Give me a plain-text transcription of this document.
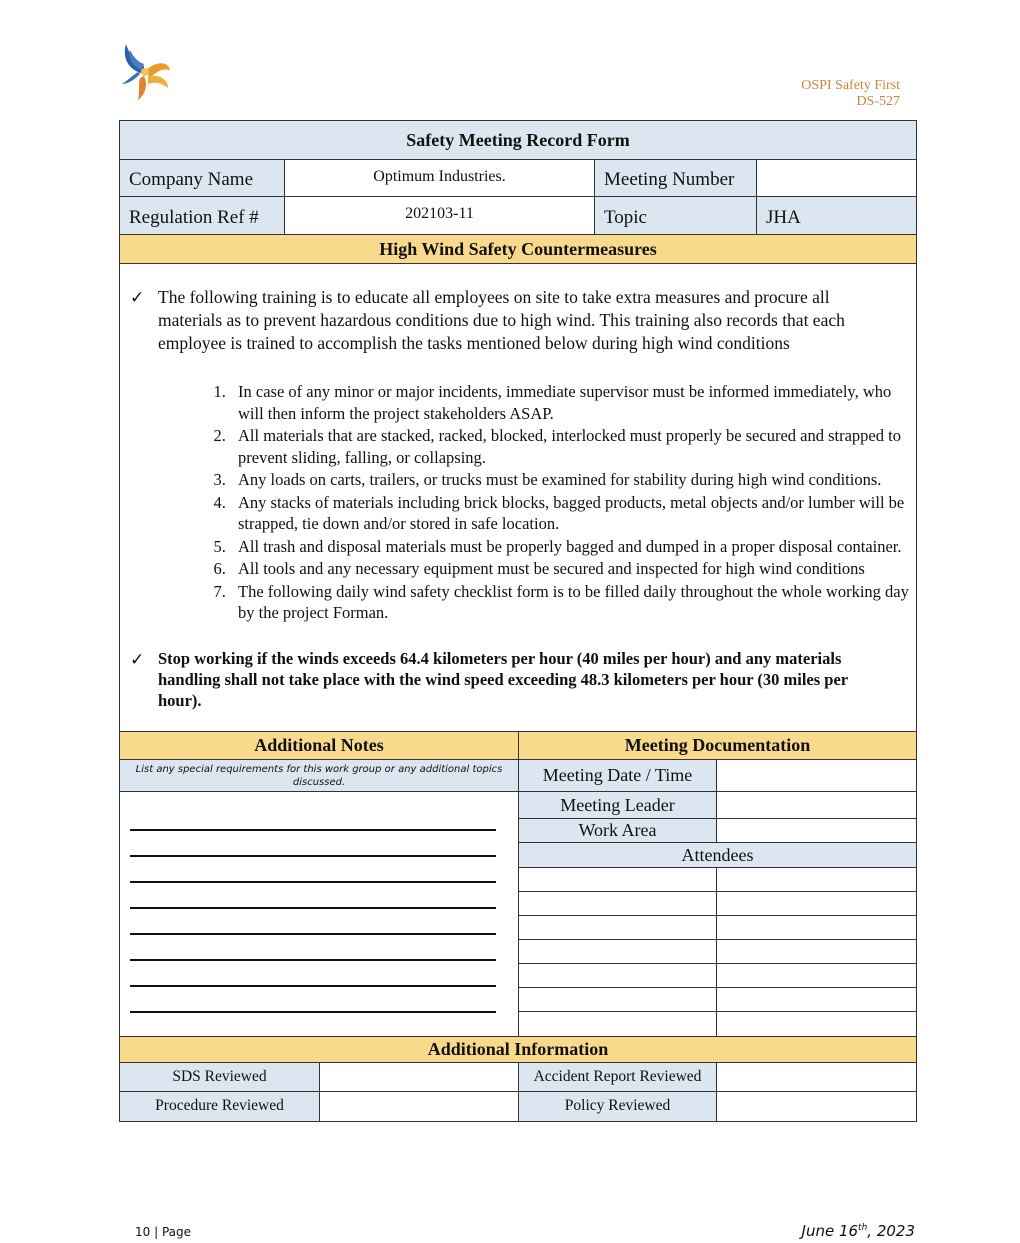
OSPI Safety First
DS-527
Safety Meeting Record Form
Company Name	Optimum Industries.	Meeting Number
Regulation Ref #	202103-11	Topic	JHA
High Wind Safety Countermeasures
✓ The following training is to educate all employees on site to take extra measures and procure all materials as to prevent hazardous conditions due to high wind. This training also records that each employee is trained to accomplish the tasks mentioned below during high wind conditions
1. In case of any minor or major incidents, immediate supervisor must be informed immediately, who will then inform the project stakeholders ASAP.
2. All materials that are stacked, racked, blocked, interlocked must properly be secured and strapped to prevent sliding, falling, or collapsing.
3. Any loads on carts, trailers, or trucks must be examined for stability during high wind conditions.
4. Any stacks of materials including brick blocks, bagged products, metal objects and/or lumber will be strapped, tie down and/or stored in safe location.
5. All trash and disposal materials must be properly bagged and dumped in a proper disposal container.
6. All tools and any necessary equipment must be secured and inspected for high wind conditions
7. The following daily wind safety checklist form is to be filled daily throughout the whole working day by the project Forman.
✓ Stop working if the winds exceeds 64.4 kilometers per hour (40 miles per hour) and any materials handling shall not take place with the wind speed exceeding 48.3 kilometers per hour (30 miles per hour).
Additional Notes	Meeting Documentation
List any special requirements for this work group or any additional topics discussed.	Meeting Date / Time
Meeting Leader
Work Area
Attendees
Additional Information
SDS Reviewed	Accident Report Reviewed
Procedure Reviewed	Policy Reviewed
10 | Page	June 16th, 2023
